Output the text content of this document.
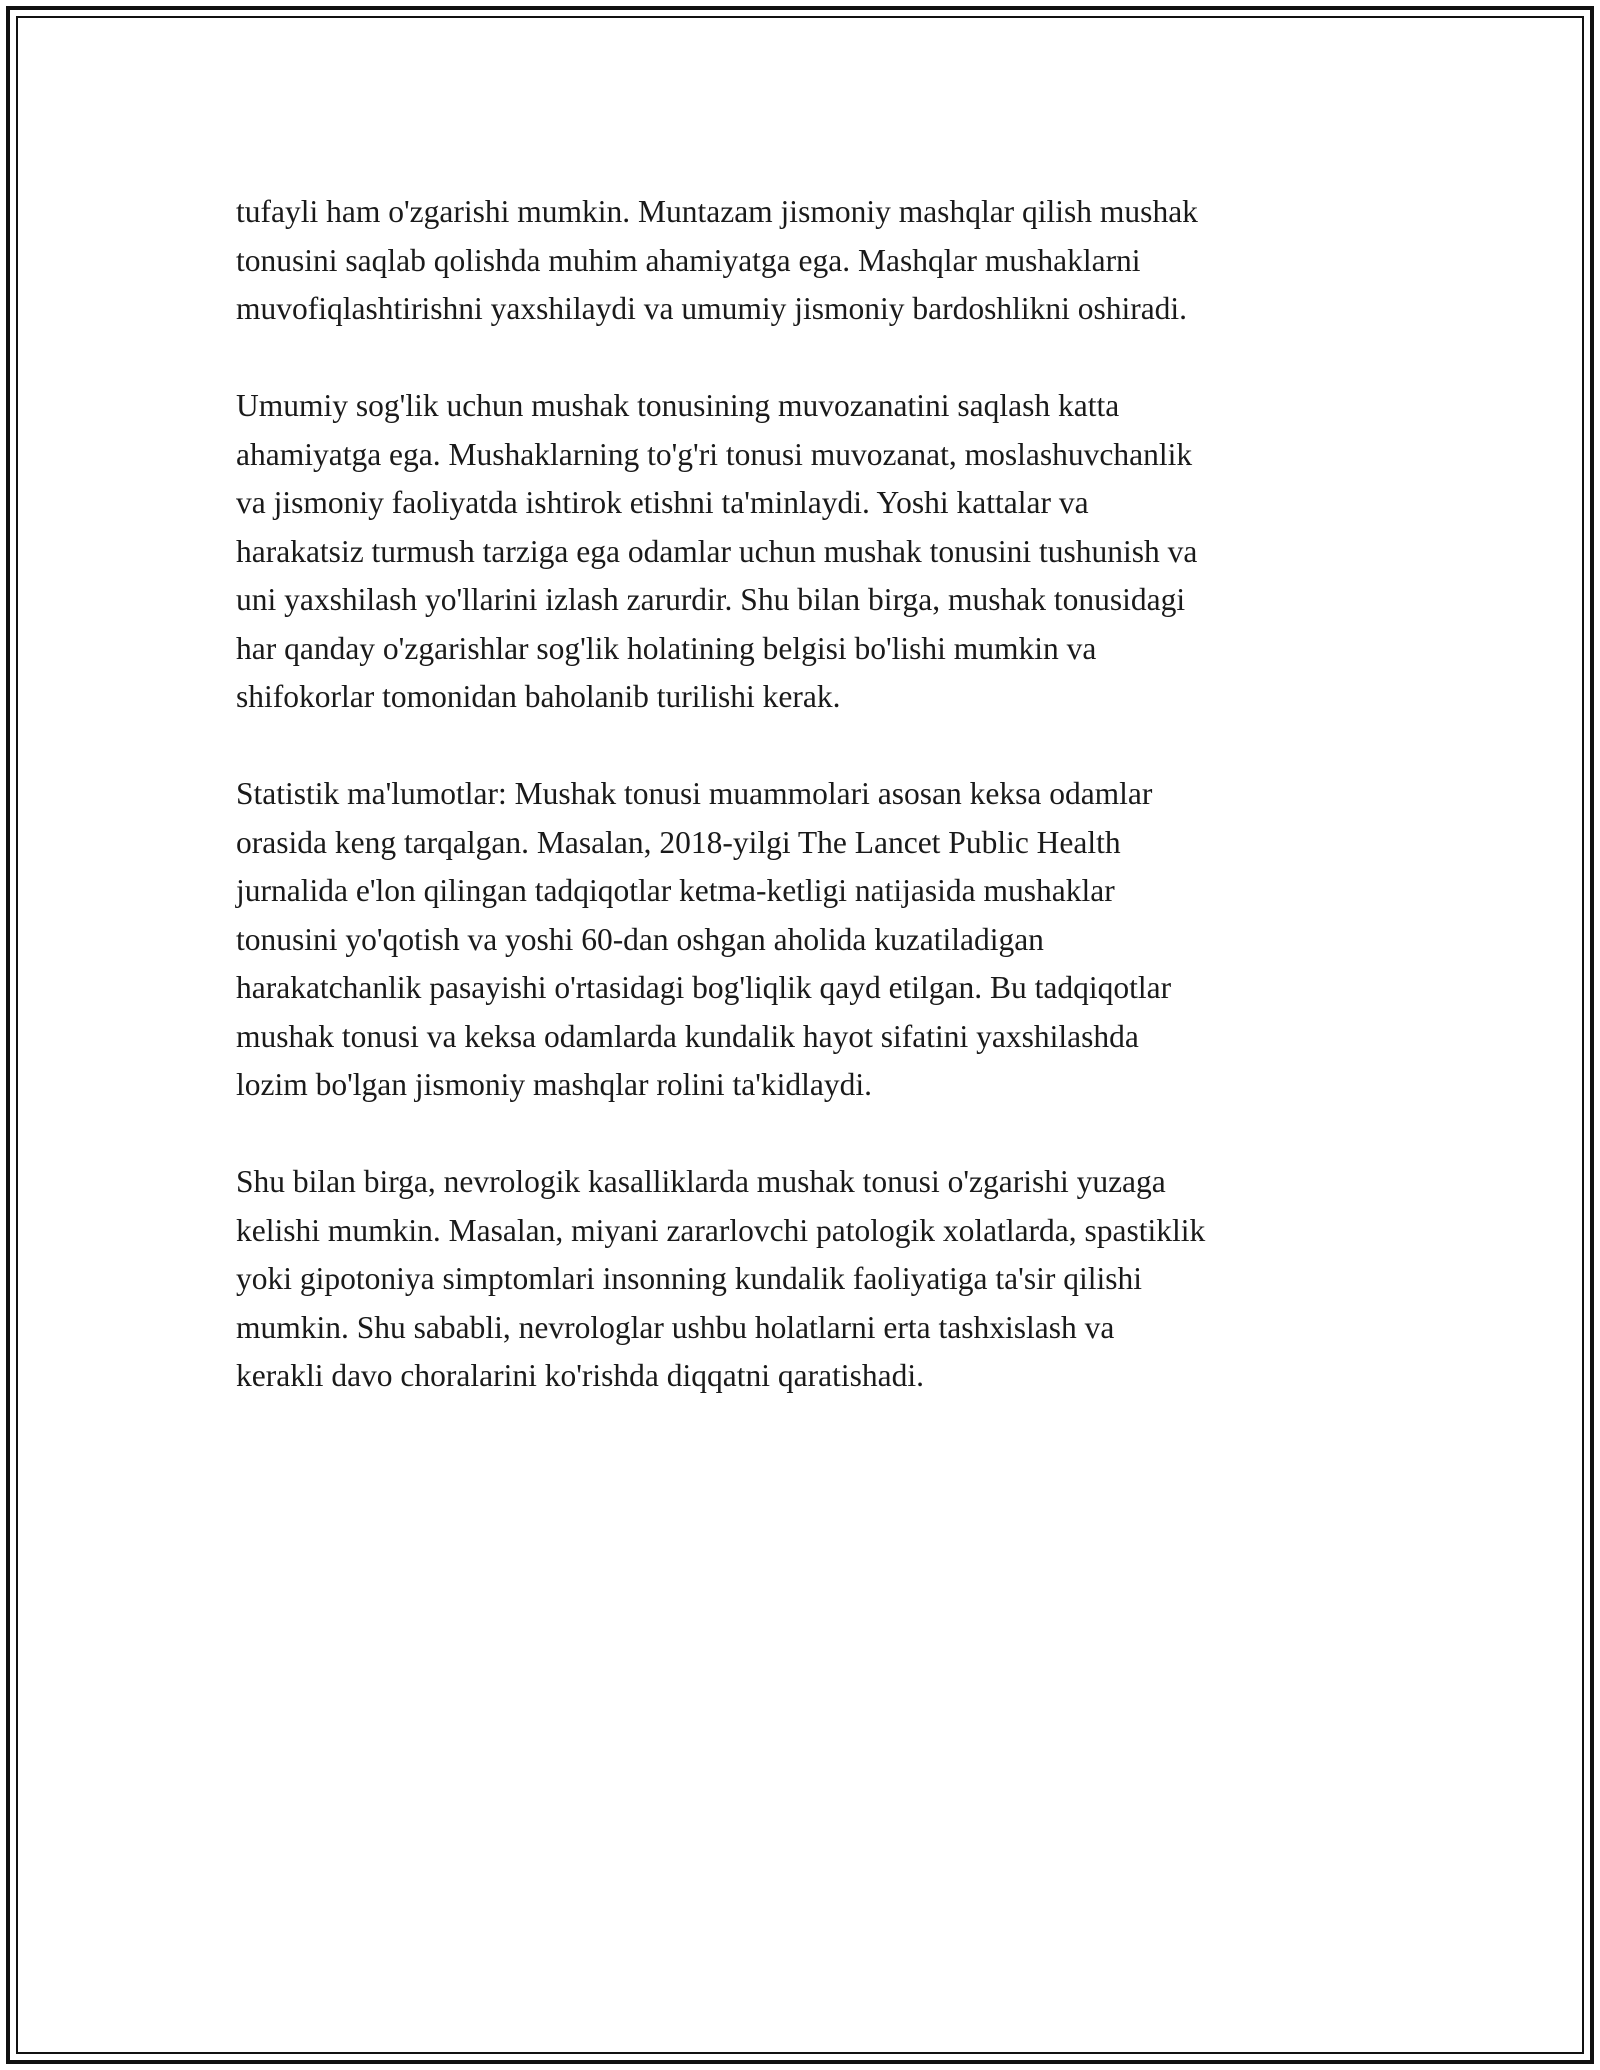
tufayli ham o'zgarishi mumkin. Muntazam jismoniy mashqlar qilish mushak
tonusini saqlab qolishda muhim ahamiyatga ega. Mashqlar mushaklarni
muvofiqlashtirishni yaxshilaydi va umumiy jismoniy bardoshlikni oshiradi.

Umumiy sog'lik uchun mushak tonusining muvozanatini saqlash katta
ahamiyatga ega. Mushaklarning to'g'ri tonusi muvozanat, moslashuvchanlik
va jismoniy faoliyatda ishtirok etishni ta'minlaydi. Yoshi kattalar va
harakatsiz turmush tarziga ega odamlar uchun mushak tonusini tushunish va
uni yaxshilash yo'llarini izlash zarurdir. Shu bilan birga, mushak tonusidagi
har qanday o'zgarishlar sog'lik holatining belgisi bo'lishi mumkin va
shifokorlar tomonidan baholanib turilishi kerak.

Statistik ma'lumotlar: Mushak tonusi muammolari asosan keksa odamlar
orasida keng tarqalgan. Masalan, 2018-yilgi The Lancet Public Health
jurnalida e'lon qilingan tadqiqotlar ketma-ketligi natijasida mushaklar
tonusini yo'qotish va yoshi 60-dan oshgan aholida kuzatiladigan
harakatchanlik pasayishi o'rtasidagi bog'liqlik qayd etilgan. Bu tadqiqotlar
mushak tonusi va keksa odamlarda kundalik hayot sifatini yaxshilashda
lozim bo'lgan jismoniy mashqlar rolini ta'kidlaydi.

Shu bilan birga, nevrologik kasalliklarda mushak tonusi o'zgarishi yuzaga
kelishi mumkin. Masalan, miyani zararlovchi patologik xolatlarda, spastiklik
yoki gipotoniya simptomlari insonning kundalik faoliyatiga ta'sir qilishi
mumkin. Shu sababli, nevrologlar ushbu holatlarni erta tashxislash va
kerakli davo choralarini ko'rishda diqqatni qaratishadi.
